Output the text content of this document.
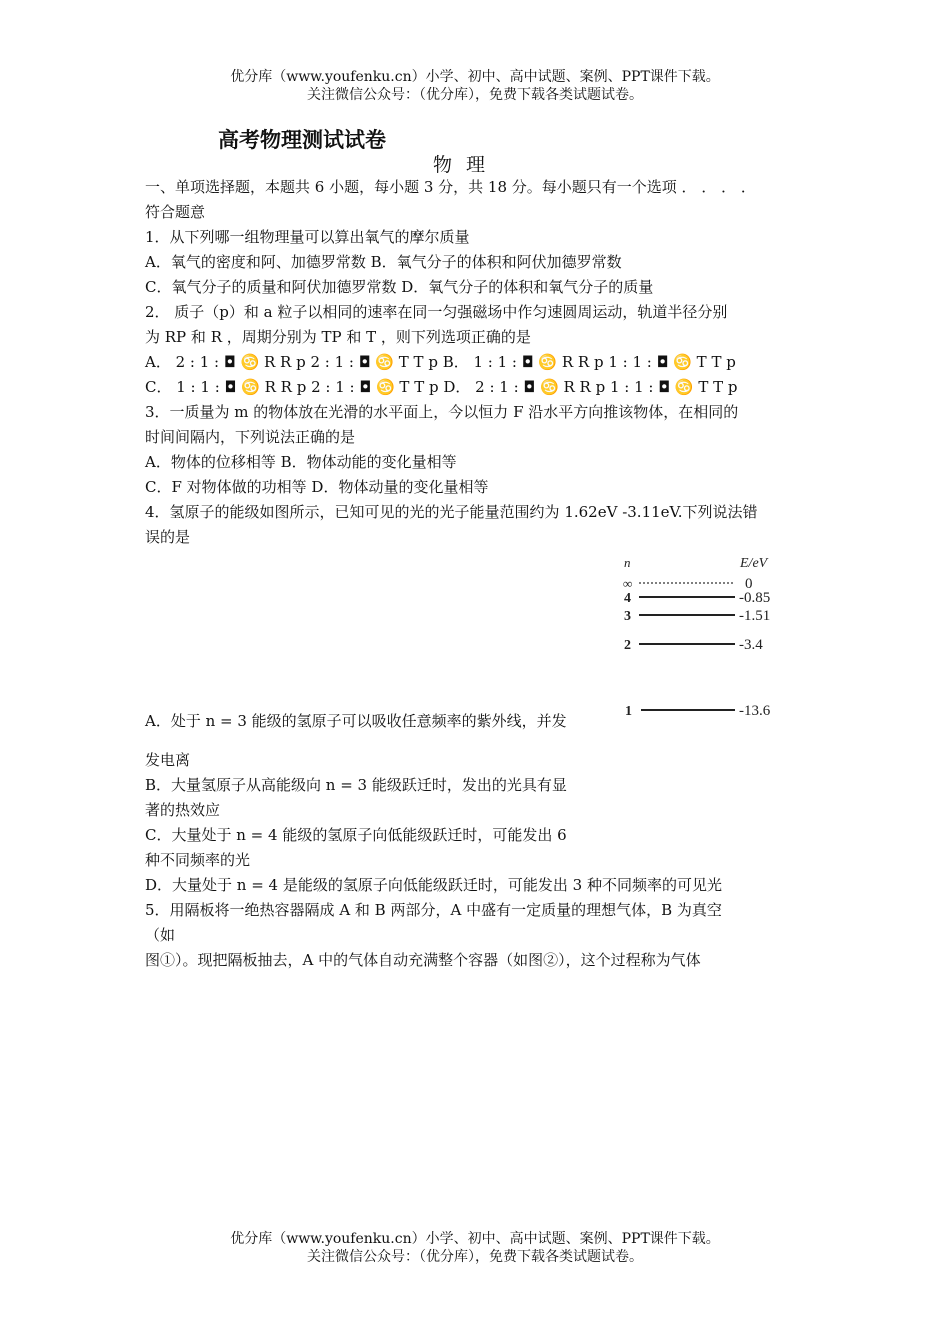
优分库（www.youfenku.cn）小学、初中、高中试题、案例、PPT课件下载。
关注微信公众号：（优分库），免费下载各类试题试卷。
高考物理测试试卷
物 理
一、单项选择题，本题共 6 小题，每小题 3 分，共 18 分。每小题只有一个选项 ． ． ． ．
符合题意
1．从下列哪一组物理量可以算出氧气的摩尔质量
A．氧气的密度和阿、加德罗常数 B．氧气分子的体积和阿伏加德罗常数
C．氧气分子的质量和阿伏加德罗常数 D．氧气分子的体积和氧气分子的质量
2． 质子（p）和 a 粒子以相同的速率在同一匀强磁场中作匀速圆周运动，轨道半径分别
为 RP 和 R ，周期分别为 TP 和 T ，则下列选项正确的是
A． 2 : 1 : ◘ ♋ R R p 2 : 1 : ◘ ♋ T T p B． 1 : 1 : ◘ ♋ R R p 1 : 1 : ◘ ♋ T T p
C． 1 : 1 : ◘ ♋ R R p 2 : 1 : ◘ ♋ T T p D． 2 : 1 : ◘ ♋ R R p 1 : 1 : ◘ ♋ T T p
3．一质量为 m 的物体放在光滑的水平面上，今以恒力 F 沿水平方向推该物体，在相同的
时间间隔内，下列说法正确的是
A．物体的位移相等 B．物体动能的变化量相等
C．F 对物体做的功相等 D．物体动量的变化量相等
4．氢原子的能级如图所示，已知可见的光的光子能量范围约为 1.62eV -3.11eV.下列说法错
误的是
n	E/eV
∞	0
4	-0.85
3	-1.51
2	-3.4
1	-13.6
A．处于 n = 3 能级的氢原子可以吸收任意频率的紫外线，并发
发电离
B．大量氢原子从高能级向 n = 3 能级跃迁时，发出的光具有显
著的热效应
C．大量处于 n = 4 能级的氢原子向低能级跃迁时，可能发出 6
种不同频率的光
D．大量处于 n = 4 是能级的氢原子向低能级跃迁时，可能发出 3 种不同频率的可见光
5．用隔板将一绝热容器隔成 A 和 B 两部分，A 中盛有一定质量的理想气体，B 为真空
（如
图①）。现把隔板抽去，A 中的气体自动充满整个容器（如图②），这个过程称为气体
优分库（www.youfenku.cn）小学、初中、高中试题、案例、PPT课件下载。
关注微信公众号：（优分库），免费下载各类试题试卷。
